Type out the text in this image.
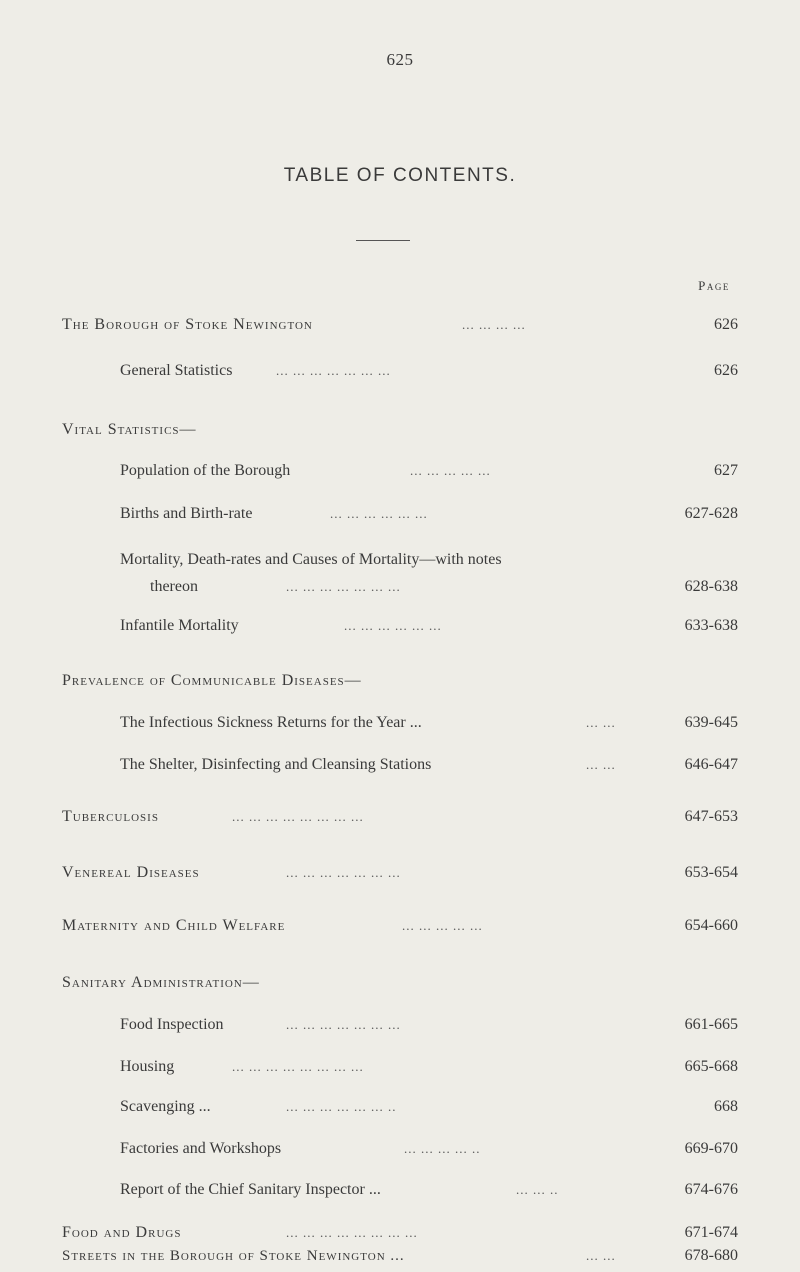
625
TABLE OF CONTENTS.
Page
The Borough of Stoke Newington	... ... ... ...	626
General Statistics	... ... ... ... ... ... ...	626
Vital Statistics—
Population of the Borough	... ... ... ... ...	627
Births and Birth-rate	... ... ... ... ... ...	627-628
Mortality, Death-rates and Causes of Mortality—with notes
thereon	... ... ... ... ... ... ...	628-638
Infantile Mortality	... ... ... ... ... ...	633-638
Prevalence of Communicable Diseases—
The Infectious Sickness Returns for the Year ...	... ...	639-645
The Shelter, Disinfecting and Cleansing Stations	... ...	646-647
Tuberculosis	... ... ... ... ... ... ... ...	647-653
Venereal Diseases	... ... ... ... ... ... ...	653-654
Maternity and Child Welfare	... ... ... ... ...	654-660
Sanitary Administration—
Food Inspection	... ... ... ... ... ... ...	661-665
Housing	... ... ... ... ... ... ... ...	665-668
Scavenging ...	... ... ... ... ... ... ..	668
Factories and Workshops	... ... ... ... ..	669-670
Report of the Chief Sanitary Inspector ...	... ... ..	674-676
Food and Drugs	... ... ... ... ... ... ... ...	671-674
Streets in the Borough of Stoke Newington ...	... ...	678-680
